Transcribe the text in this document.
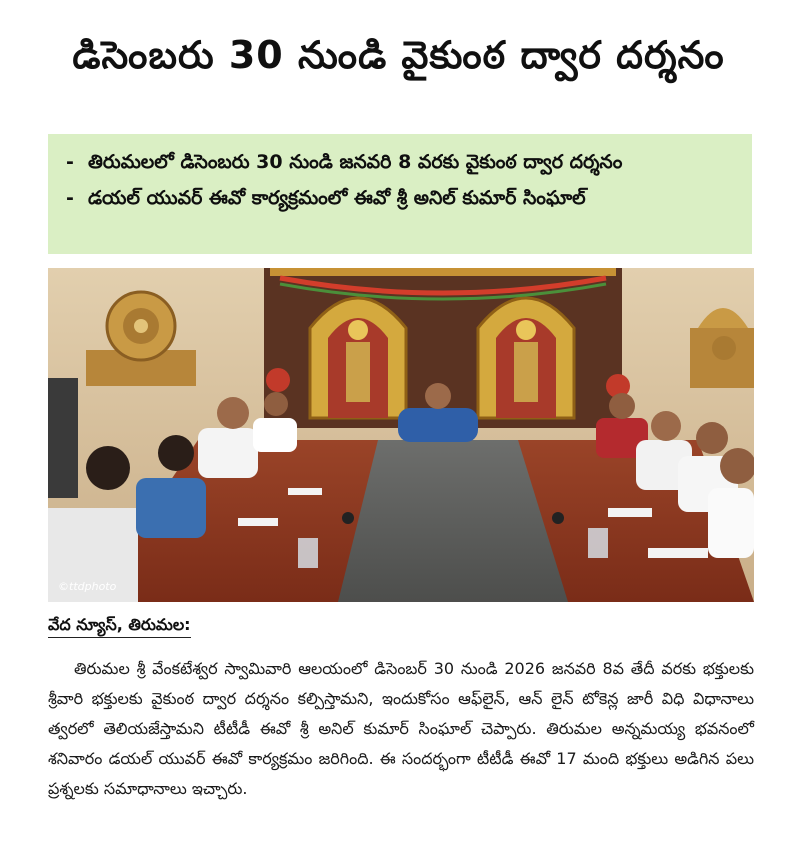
డిసెంబరు 30 నుండి వైకుంఠ ద్వార దర్శనం
- తిరుమలలో డిసెంబరు 30 నుండి జనవరి 8 వరకు వైకుంఠ ద్వార దర్శనం
- డయల్ యువర్ ఈవో కార్యక్రమంలో ఈవో శ్రీ అనిల్ కుమార్ సింఘాల్
©ttdphoto
వేద న్యూస్, తిరుమల:

తిరుమల శ్రీ వేంకటేశ్వర స్వామివారి ఆలయంలో డిసెంబర్ 30 నుండి 2026 జనవరి 8వ తేదీ వరకు భక్తులకు శ్రీవారి భక్తులకు వైకుంఠ ద్వార దర్శనం కల్పిస్తామని, ఇందుకోసం ఆఫ్‌లైన్, ఆన్ లైన్ టోకెన్ల జారీ విధి విధానాలు త్వరలో తెలియజేస్తామని టీటీడీ ఈవో శ్రీ అనిల్ కుమార్ సింఘాల్ చెప్పారు. తిరుమల అన్నమయ్య భవనంలో శనివారం డయల్ యువర్ ఈవో కార్యక్రమం జరిగింది. ఈ సందర్భంగా టీటీడీ ఈవో 17 మంది భక్తులు అడిగిన పలు ప్రశ్నలకు సమాధానాలు ఇచ్చారు.
